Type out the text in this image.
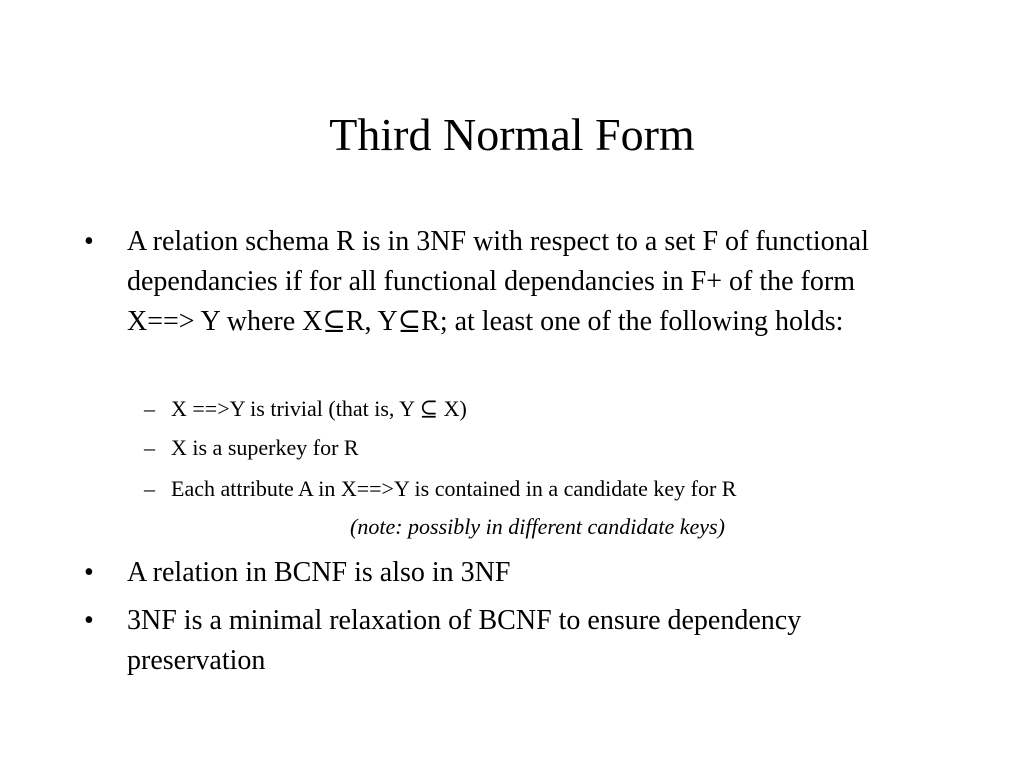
Third Normal Form
• A relation schema R is in 3NF with respect to a set F of functional dependancies if for all functional dependancies in F+ of the form X==> Y where X⊆R, Y⊆R; at least one of the following holds:
– X ==>Y is trivial (that is, Y ⊆ X)
– X is a superkey for R
– Each attribute A in X==>Y is contained in a candidate key for R
(note: possibly in different candidate keys)
• A relation in BCNF is also in 3NF
• 3NF is a minimal relaxation of BCNF to ensure dependency preservation
